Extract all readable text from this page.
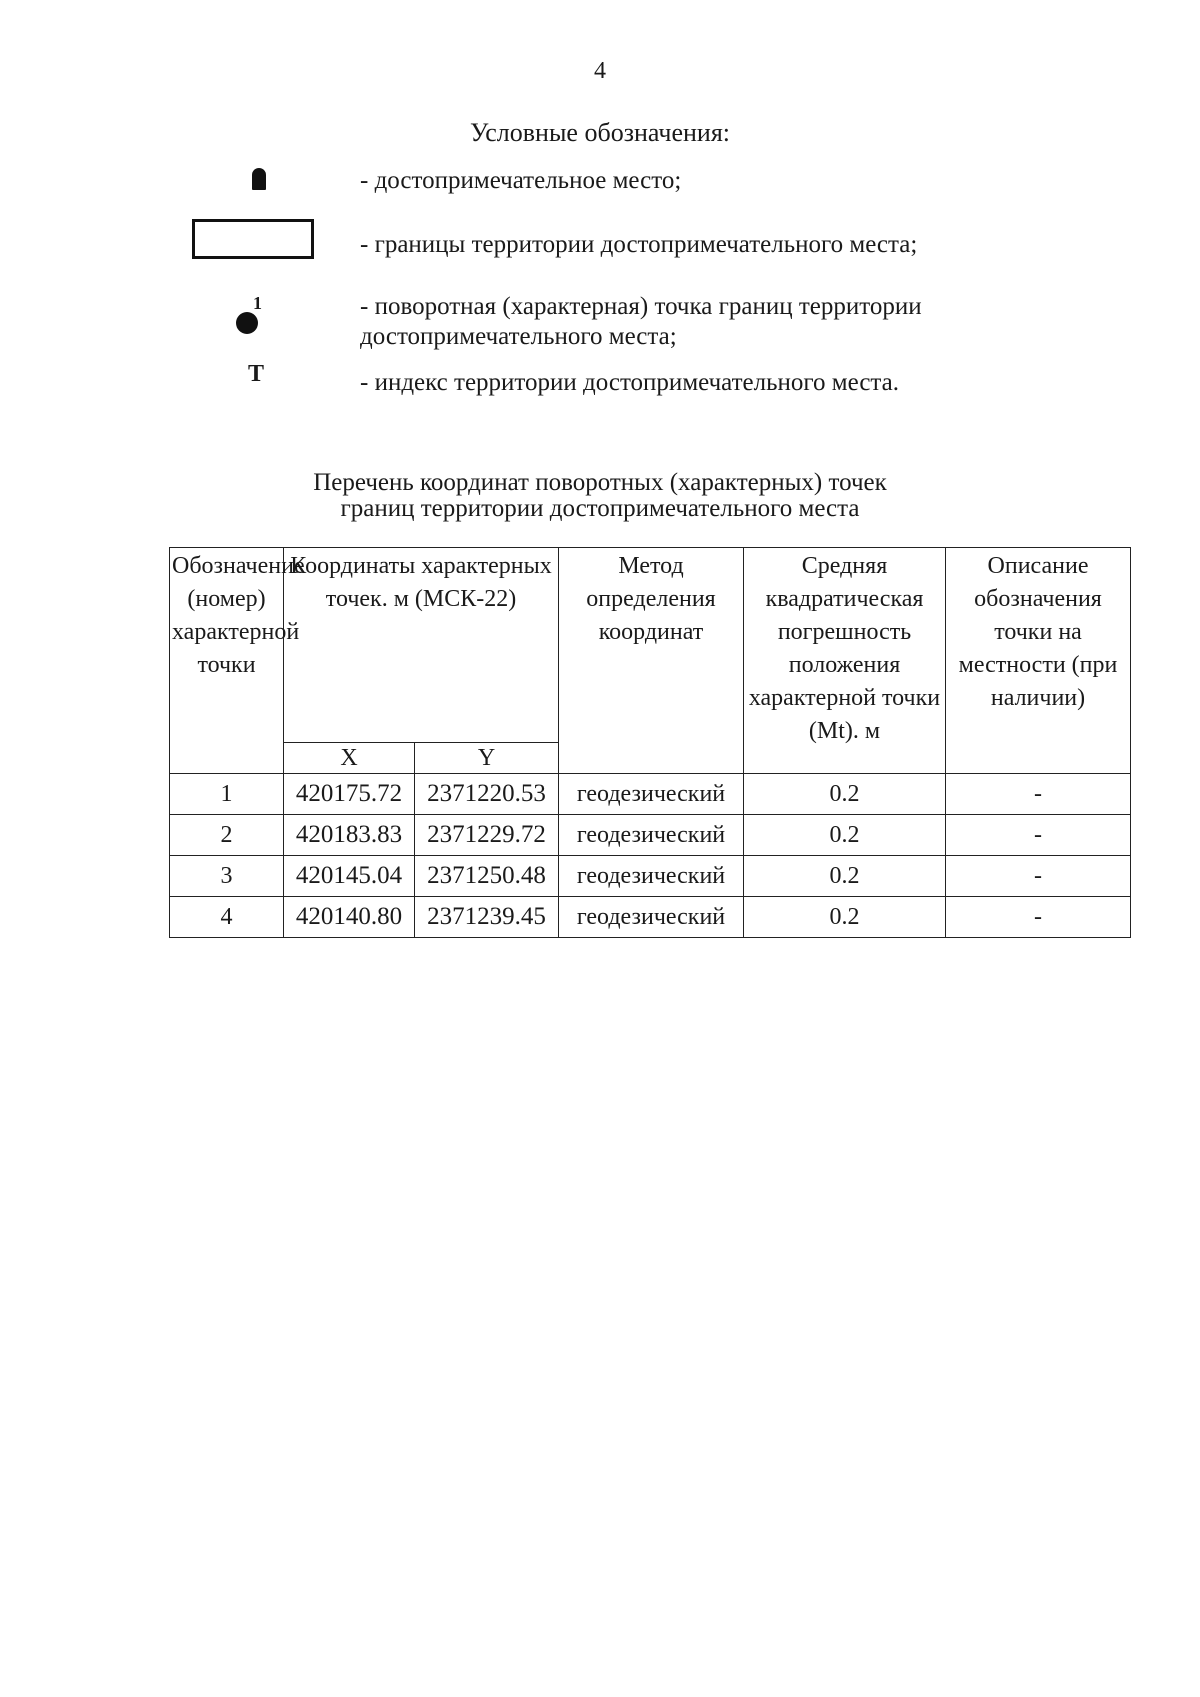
4
Условные обозначения:
- достопримечательное место;
- границы территории достопримечательного места;
1	- поворотная (характерная) точка границ территории достопримечательного места;
Т	- индекс территории достопримечательного места.
Перечень координат поворотных (характерных) точек
границ территории достопримечательного места
Обозначение (номер) характерной точки	Координаты характерных точек. м (МСК-22)		Метод определения координат	Средняя квадратическая погрешность положения характерной точки (Mt). м	Описание обозначения точки на местности (при наличии)
	X	Y			
1	420175.72	2371220.53	геодезический	0.2	-
2	420183.83	2371229.72	геодезический	0.2	-
3	420145.04	2371250.48	геодезический	0.2	-
4	420140.80	2371239.45	геодезический	0.2	-
